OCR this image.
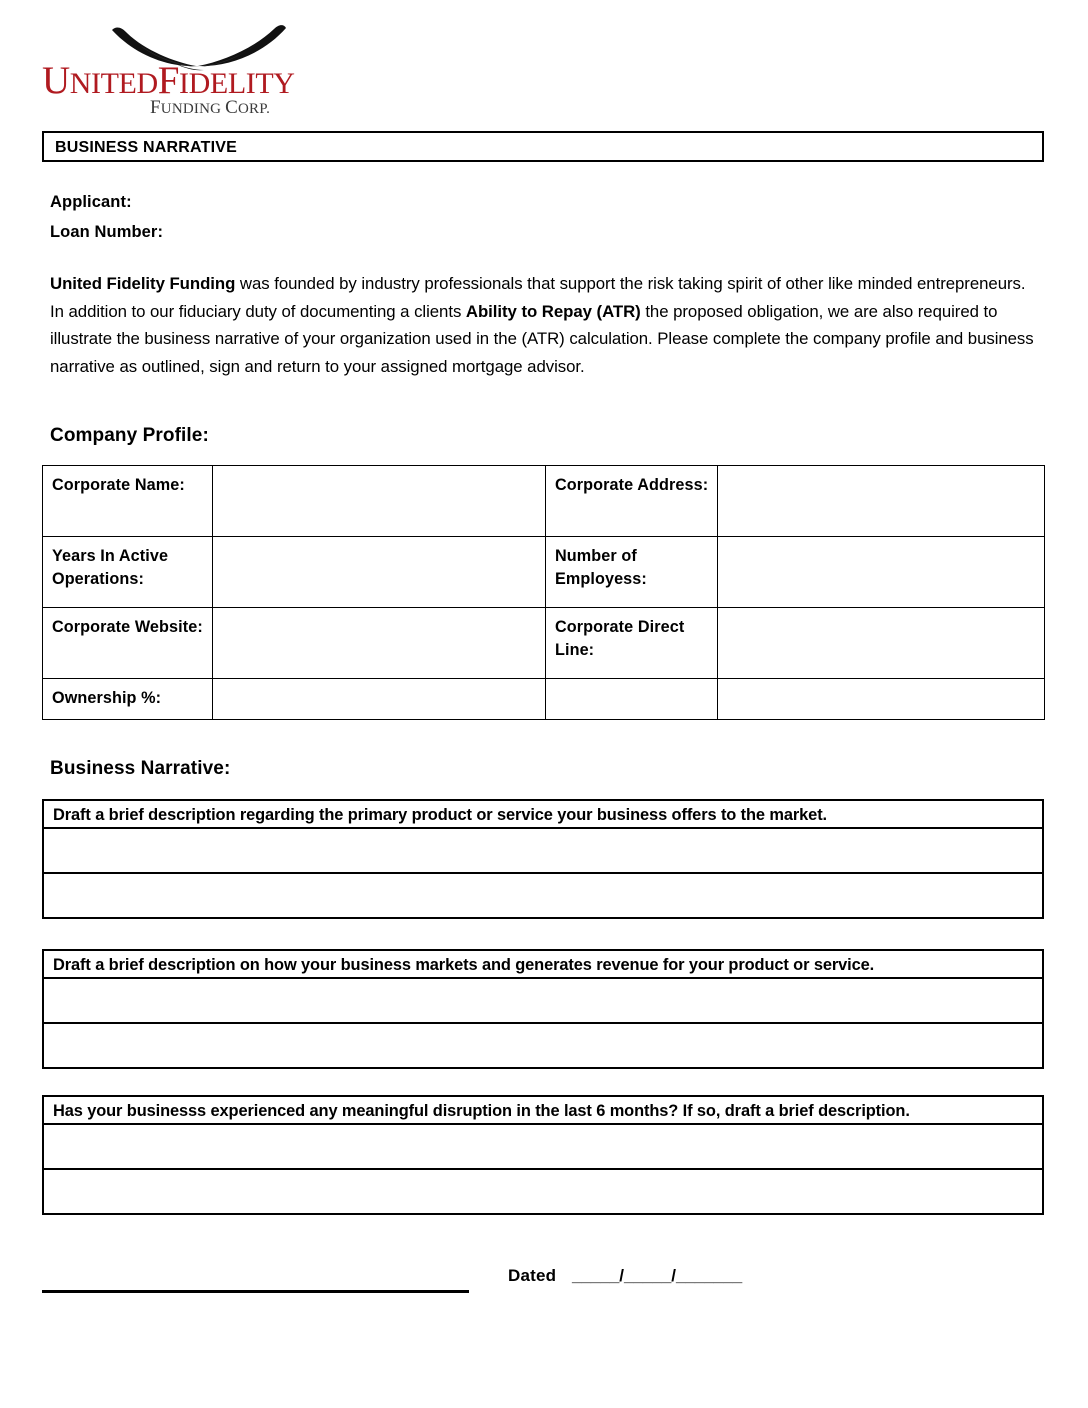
UNITEDFIDELITY
FUNDING CORP.
BUSINESS NARRATIVE
Applicant:
Loan Number:
United Fidelity Funding was founded by industry professionals that support the risk taking spirit of other like minded entrepreneurs. In addition to our fiduciary duty of documenting a clients Ability to Repay (ATR) the proposed obligation, we are also required to illustrate the business narrative of your organization used in the (ATR) calculation. Please complete the company profile and business narrative as outlined, sign and return to your assigned mortgage advisor.
Company Profile:
Corporate Name:		Corporate Address:	
Years In Active Operations:		Number of Employess:	
Corporate Website:		Corporate Direct Line:	
Ownership %:			
Business Narrative:
Draft a brief description regarding the primary product or service your business offers to the market.

Draft a brief description on how your business markets and generates revenue for your product or service.

Has your businesss experienced any meaningful disruption in the last 6 months? If so, draft a brief description.

Dated _____/_____/_______
